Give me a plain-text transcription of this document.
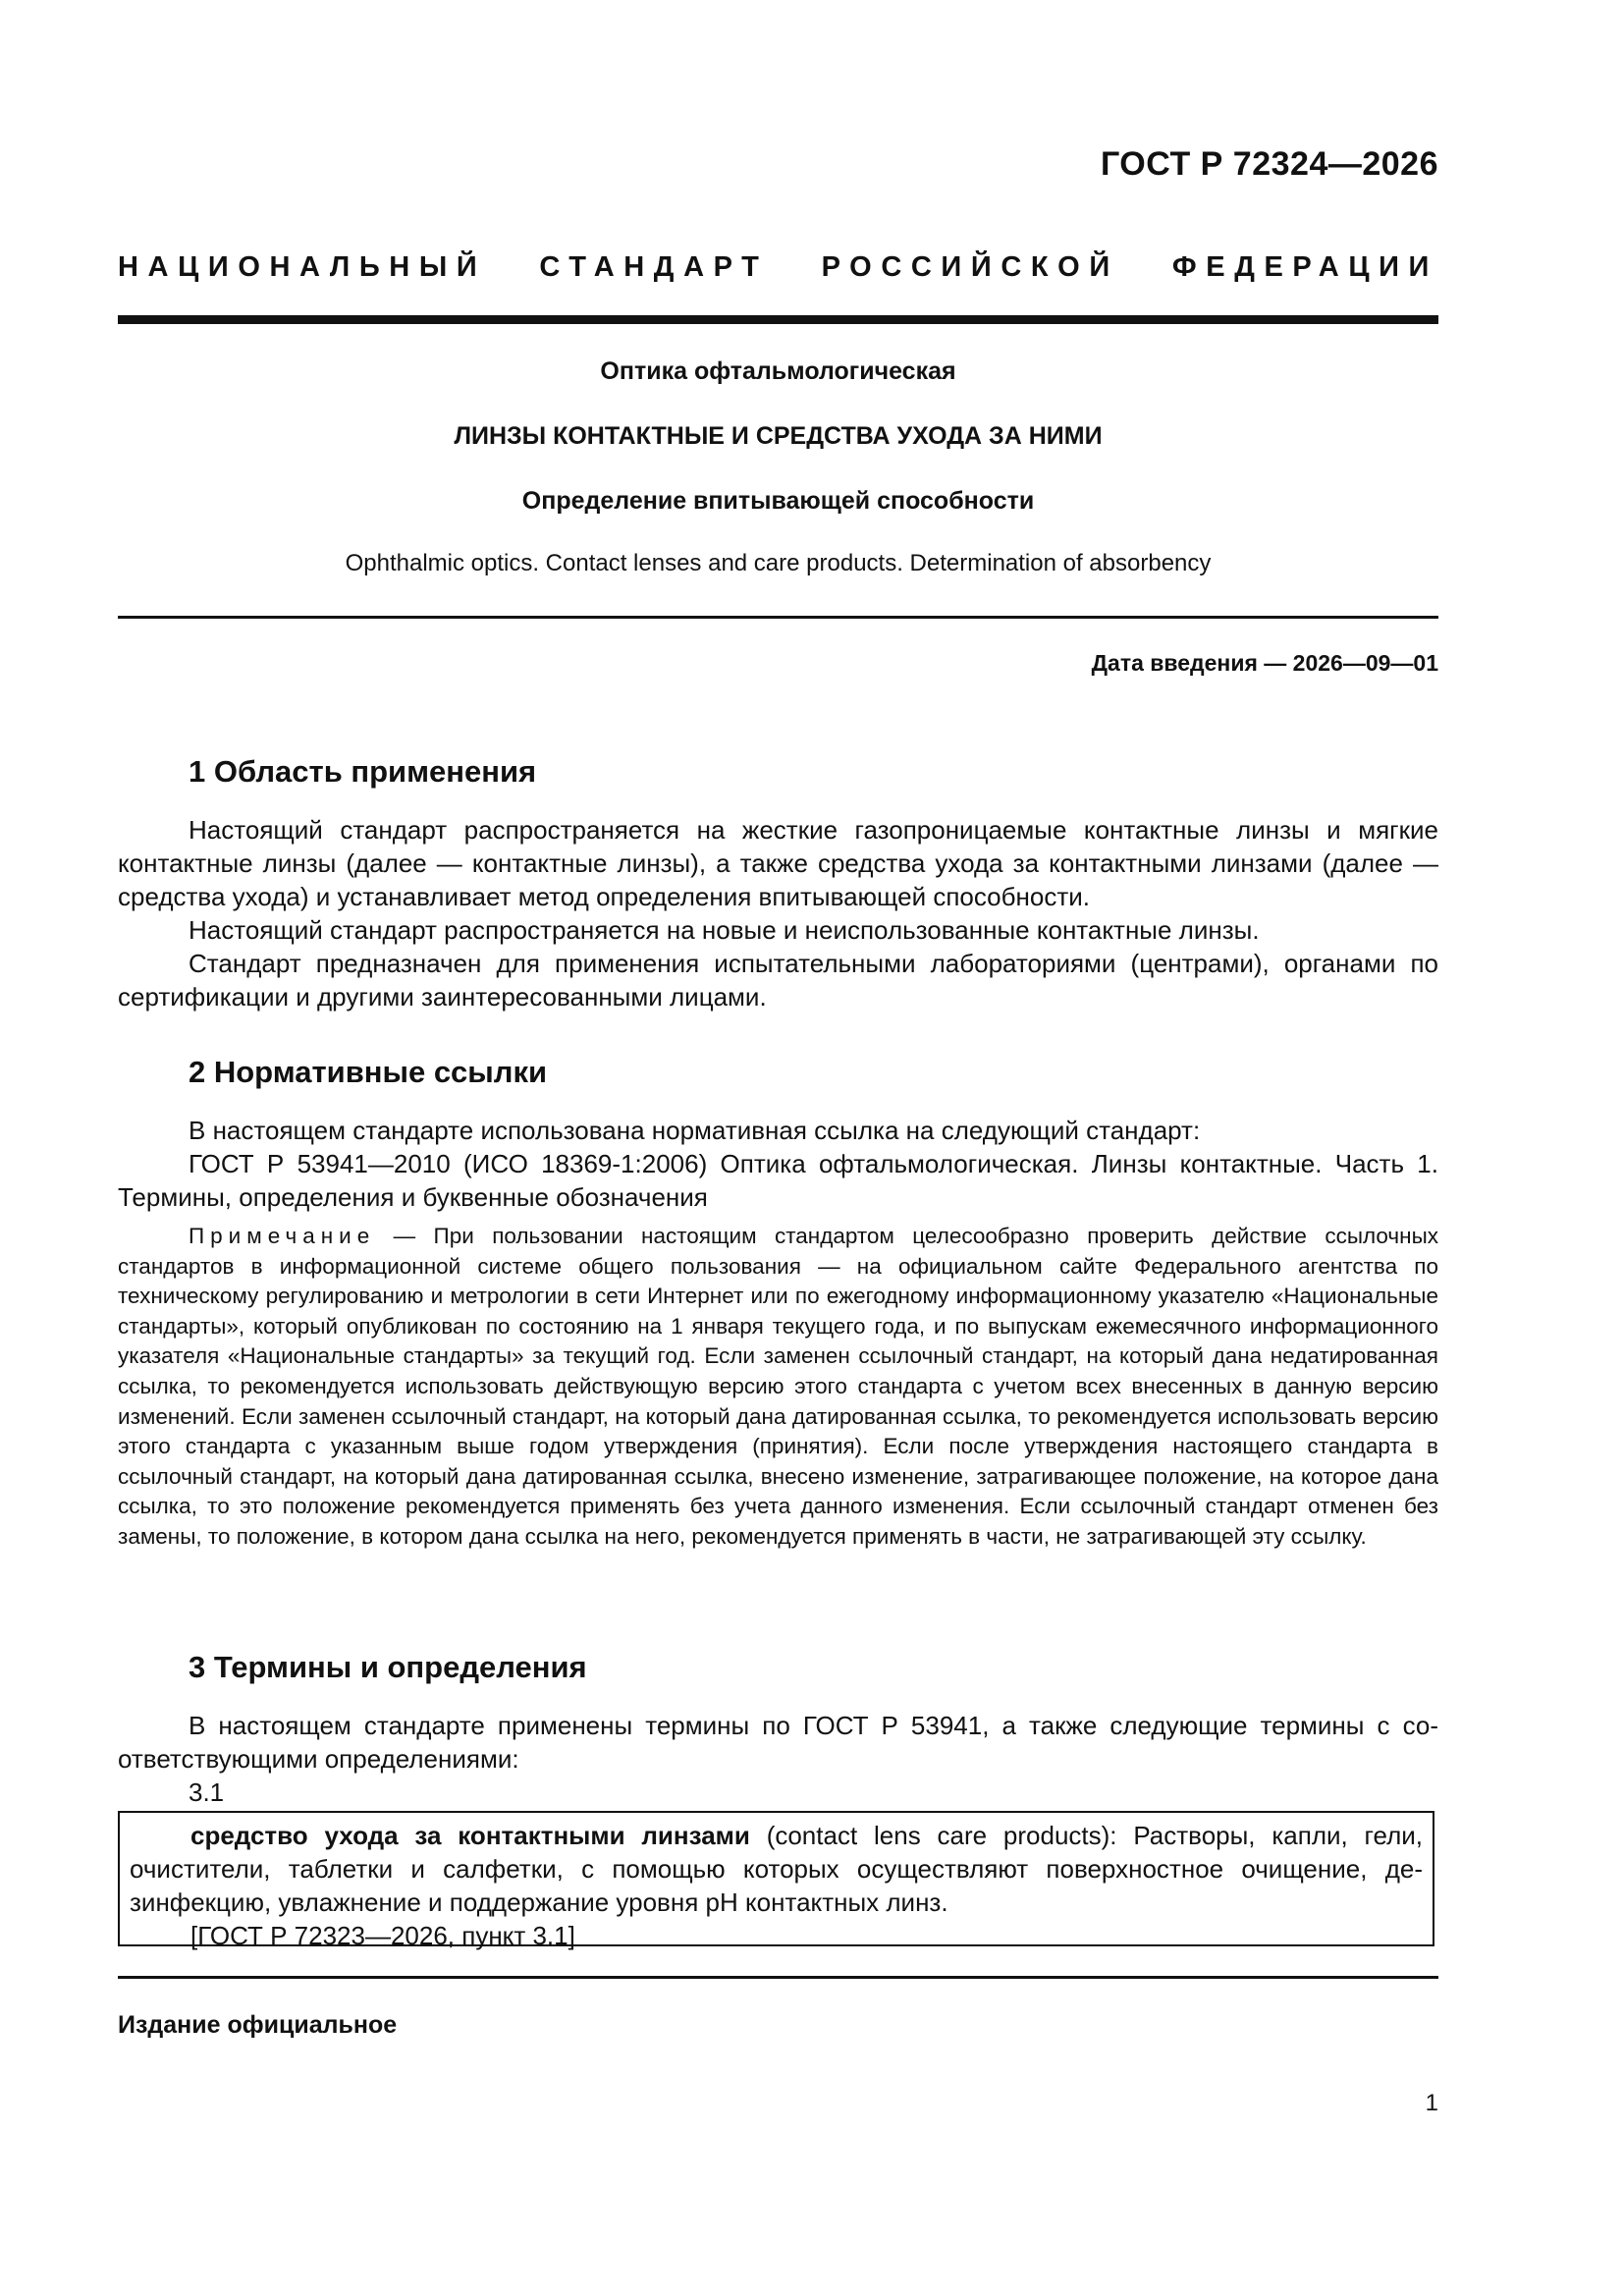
ГОСТ Р 72324—2026
НАЦИОНАЛЬНЫЙ СТАНДАРТ РОССИЙСКОЙ ФЕДЕРАЦИИ
Оптика офтальмологическая
ЛИНЗЫ КОНТАКТНЫЕ И СРЕДСТВА УХОДА ЗА НИМИ
Определение впитывающей способности
Ophthalmic optics. Contact lenses and care products. Determination of absorbency
Дата введения — 2026—09—01
1 Область применения

Настоящий стандарт распространяется на жесткие газопроницаемые контактные линзы и мягкие контактные линзы (далее — контактные линзы), а также средства ухода за контактными линзами (далее — средства ухода) и устанавливает метод определения впитывающей способности.

Настоящий стандарт распространяется на новые и неиспользованные контактные линзы.

Стандарт предназначен для применения испытательными лабораториями (центрами), органами по сертификации и другими заинтересованными лицами.

2 Нормативные ссылки

В настоящем стандарте использована нормативная ссылка на следующий стандарт:

ГОСТ Р 53941—2010 (ИСО 18369-1:2006) Оптика офтальмологическая. Линзы контактные. Часть 1. Термины, определения и буквенные обозначения

Примечание — При пользовании настоящим стандартом целесообразно проверить действие ссылочных стандартов в информационной системе общего пользования — на официальном сайте Федерального агентства по техническому регулированию и метрологии в сети Интернет или по ежегодному информационному указателю «Национальные стандарты», который опубликован по состоянию на 1 января текущего года, и по выпускам ежемесячного информационного указателя «Национальные стандарты» за текущий год. Если заменен ссылочный стандарт, на который дана недатированная ссылка, то рекомендуется использовать действующую версию этого стандарта с учетом всех внесенных в данную версию изменений. Если заменен ссылочный стандарт, на который дана датированная ссылка, то рекомендуется использовать версию этого стандарта с указанным выше годом утверждения (принятия). Если после утверждения настоящего стандарта в ссылочный стандарт, на который дана датированная ссылка, внесено изменение, затрагивающее положение, на которое дана ссылка, то это положение рекомендуется применять без учета данного изменения. Если ссылочный стандарт отменен без замены, то положение, в котором дана ссылка на него, рекомендуется применять в части, не затрагивающей эту ссылку.

3 Термины и определения

В настоящем стандарте применены термины по ГОСТ Р 53941, а также следующие термины с соответствующими определениями:

3.1

средство ухода за контактными линзами (contact lens care products): Растворы, капли, гели, очистители, таблетки и салфетки, с помощью которых осуществляют поверхностное очищение, дезинфекцию, увлажнение и поддержание уровня pH контактных линз.

[ГОСТ Р 72323—2026, пункт 3.1]

Издание официальное
1
